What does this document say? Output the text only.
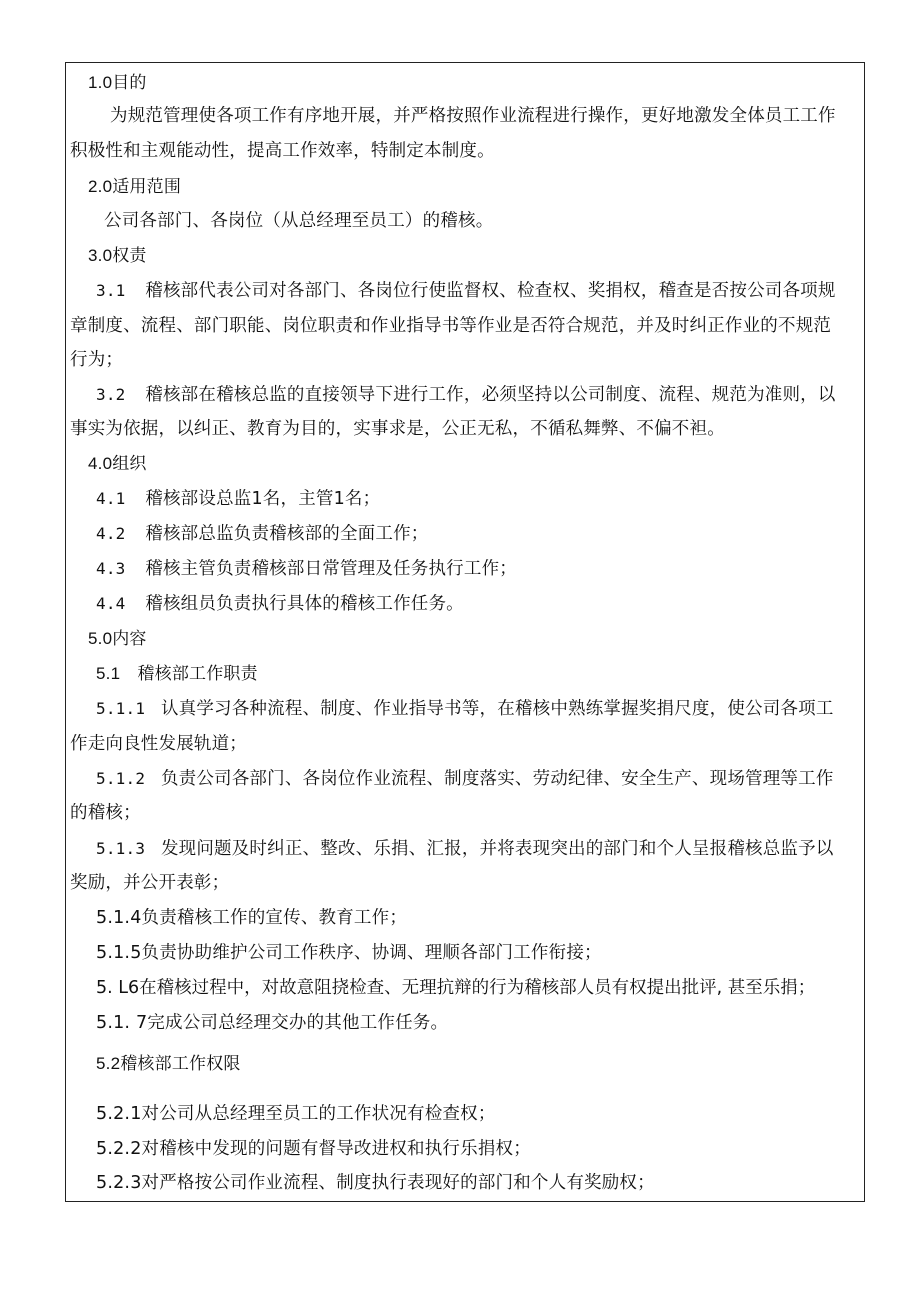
1.0目的
为规范管理使各项工作有序地开展，并严格按照作业流程进行操作，更好地激发全体员工工作
积极性和主观能动性，提高工作效率，特制定本制度。
2.0适用范围
公司各部门、各岗位（从总经理至员工）的稽核。
3.0权责
3.1 稽核部代表公司对各部门、各岗位行使监督权、检查权、奖捐权，稽查是否按公司各项规
章制度、流程、部门职能、岗位职责和作业指导书等作业是否符合规范，并及时纠正作业的不规范
行为；
3.2 稽核部在稽核总监的直接领导下进行工作，必须坚持以公司制度、流程、规范为准则，以
事实为依据，以纠正、教育为目的，实事求是，公正无私，不循私舞弊、不偏不袒。
4.0组织
4.1 稽核部设总监1名，主管1名；
4.2 稽核部总监负责稽核部的全面工作；
4.3 稽核主管负责稽核部日常管理及任务执行工作；
4.4 稽核组员负责执行具体的稽核工作任务。
5.0内容
5.1　稽核部工作职责
5.1.1 认真学习各种流程、制度、作业指导书等，在稽核中熟练掌握奖捐尺度，使公司各项工
作走向良性发展轨道；
5.1.2 负责公司各部门、各岗位作业流程、制度落实、劳动纪律、安全生产、现场管理等工作
的稽核；
5.1.3 发现问题及时纠正、整改、乐捐、汇报，并将表现突出的部门和个人呈报稽核总监予以
奖励，并公开表彰；
5.1.4负责稽核工作的宣传、教育工作；
5.1.5负责协助维护公司工作秩序、协调、理顺各部门工作衔接；
5. L6在稽核过程中，对故意阻挠检查、无理抗辩的行为稽核部人员有权提出批评, 甚至乐捐；
5.1. 7完成公司总经理交办的其他工作任务。
5.2稽核部工作权限
5.2.1对公司从总经理至员工的工作状况有检查权；
5.2.2对稽核中发现的问题有督导改进权和执行乐捐权；
5.2.3对严格按公司作业流程、制度执行表现好的部门和个人有奖励权；
